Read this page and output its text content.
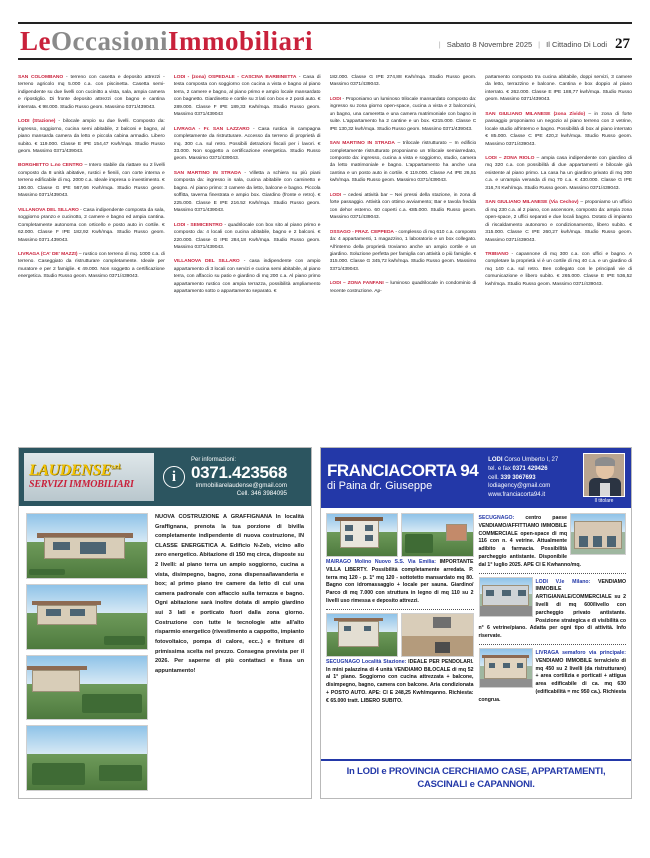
LeOccasioniImmobiliari	| Sabato 8 Novembre 2025 | Il Cittadino Di Lodi 27

SAN COLOMBANO - terreno con casetta e deposito attrezzi - terreno agricolo mq 5.000 c.a. con piscinetta. Casetta semi-indipendente su due livelli con cucinitto a vista, sala, ampia camera e ripostiglio. Di fronte deposito attrezzi con bagno e cantina interrata. € 98.000. Studio Russo geom. Massimo 0371/439043.

LODI (Stazione) - bilocale ampio su due livelli. Composto da: ingresso, soggiorno, cucina semi abitabile, 2 balconi e bagno, al piano mansarda camera da letto e piccola cabina armadio. Libero subito. € 119.000. Classe E IPE 154,47 Kwh/mqa. Studio Russo geom. Massimo 0371/439043.

BORGHETTO L.no CENTRO – Intero stabile da riattare su 2 livelli composto da 8 unità abitative, rustici e fienili, con corte interna e terreno edificabile di mq. 2000 c.a. Ideale impresa o investimento. € 190.00. Classe G IPE 567,66 Kwh/mqa. Studio Russo geom. Massimo 0371/439043.

VILLANOVA DEL SILLARO - Casa indipendente composta da sala, soggiorno pranzo e cucinotto, 2 camere e bagno ed ampia cantina. Completamente autonoma con orticello e posto auto in cortile. € 62.000. Classe F IPE 182,92 Kwh/mqa. Studio Russo geom. Massimo 0371.439043.

LIVRAGA (CA' DE' MAZZI) – rustico con terreno di mq. 1000 c.a. di terreno. Caseggiato da ristrutturare completamente. Ideale per muratore e per 2 famiglie. € 49.000. Non soggetto a certificazione energetica. Studio Russo geom. Massimo 0371/439043.

LODI - (zona) OSPEDALE - CASCINA BARBINETTA - Casa di testa composta con soggiorno con cucina a vista e bagno al piano terra, 2 camere e bagno, al piano primo e ampio locale mansardato con bagnetto. Giardinetto e cortile su 3 lati con box e 2 posti auto. € 289.000. Classe F IPE 189,33 Kwh/mqa. Studio Russo geom. Massimo 0371/439043

LIVRAGA - Fr. SAN LAZZARO - Casa rustica in campagna completamente da ristrutturare. Accesso da terreno di proprietà di mq. 300 c.a. sul retro. Possibili detrazioni fiscali per i lavori. € 33.000. Non soggetto a certificazione energetica. Studio Russo geom. Massimo 0371/439043.

SAN MARTINO IN STRADA - Villetta a schiera su più piani composta da: ingresso in sala, cucina abitabile con caminetto e bagno. Al piano primo: 3 camere da letto, balcone e bagno. Piccola soffitta, taverna finestrata e ampio box. Giardino (fronte e retro). € 225.000. Classe E IPE 216.52 Kwh/mqa. Studio Russo geom. Massimo 0371/439043.

LODI - SEMICENTRO - quadrilocale con box sito al piano primo e composto da: 4 locali con cucina abitabile, bagno e 2 balconi. € 220.000. Classe G IPE 284,18 Kwh/mqa. Studio Russo geom. Massimo 0371/439043.

VILLANOVA DEL SILLARO - casa indipendente con ampio appartamento di 3 locali con servizi e cucina semi abitabile, al piano terra, con affaccio su patio e giardino di mq 200 c.a. Al piano primo appartamento rustico con ampia terrazza, possibilità ampliamento appartamento sotto o appartamento separato. €

182.000. Classe G IPE 274,88 Kwh/mqa. Studio Russo geom. Massimo 0371/439043.

LODI - Proponiamo un luminoso trilocale mansardato composto da: ingresso su zona giorno open-space, cucina a vista e 2 balconcini, un bagno, una cameretta e una camera matrimoniale con bagno in suite. L'appartamento ha 2 cantine e un box. €215.000. Classe C IPE 130,32 kwh/mqa. Studio Russo geom. Massimo 0371/439043.

SAN MARTINO IN STRADA – trilocale ristrutturato – In edificio completamente ristrutturato proponiamo un trilocale semiarredato, composto da: ingresso, cucina a vista e soggiorno, studio, camera da letto matrimoniale e bagno. L'appartamento ha anche una cantina e un posto auto in cortile. € 119.000. Classe A4 IPE 26,51 kwh/mqa. Studio Russo geom. Massimo 0371/439043.

LODI – cedesi attività bar – Nei pressi della stazione, in zona di forte passaggio. Attività con ottimo avviamento; Bar e tavola fredda con dehor esterno. 60 coperti c.a. €85.000. Studio Russo geom. Massimo 0371/439043.

OSSAGO - FRAZ. CEPPEDA - complesso di mq 610 c.a. composto da: 4 appartamenti, 1 magazzino, 1 laboratorio e un box collegato. All'interno della proprietà troviamo anche un ampio cortile e un giardino. Soluzione perfetta per famiglia con attività o più famiglie. € 315.000. Classe G 345,72 kwh/mqa. Studio Russo geom. Massimo 0371/439043.

LODI – ZONA FANFANI – luminoso quadrilocale in condominio di recente costruzione. Ap-

partamento composto tra cucina abitabile, doppi servizi, 3 camere da letto, terrazzino e balcone. Cantina e box doppio al piano interrato. € 262.000. Classe E IPE 188,77 kwh/mqa. Studio Russo geom. Massimo 0371/439043.

SAN GIULIANO MILANESE (zona Zivido) – in zona di forte passaggio proponiamo un negozio al piano terreno con 2 vetrine, locale studio all'interno e bagno. Possibilità di box al piano interrato € 85.000. Classe C IPE 420,2 kwh/mqa. Studio Russo geom. Massimo 0371/439043.

LODI – ZONA RIOLO – ampia casa indipendente con giardino di mq 320 c.a. con possibilità di due appartamenti e bilocale già esistente al piano primo. La casa ha un giardino privato di mq 300 c.a. e un'ampia veranda di mq 70 c.a. € 430.000. Classe G IPE 316,74 Kwh/mqa. Studio Russo geom. Massimo 0371/439043.

SAN GIULIANO MILANESE (Via Cechov) – proponiamo un ufficio di mq 230 c.a. al 2 piano, con ascensore, composto da: ampia zona open-space, 2 uffici separati e due locali bagno. Dotato di impianto di riscaldamento autonomo e condizionamento, libero subito. € 315.000. Classe C IPE 260,27 kwh/mqa. Studio Russo geom. Massimo 0371/439043.

TRIBIANO - capannone di mq 300 c.a. con uffici e bagno. A completare la proprietà vi è un cortile di mq 40 c.a. e un giardino di mq 140 c.a. sul retro. Ben collegato con le principali vie di comunicazione e libero subito. € 265.000. Classe E IPE 536,52 kwh/mqa. Studio Russo geom. Massimo 0371/439043.

$LAUDENSE^{s.r.l.}$
SERVIZI IMMOBILIARI	i
Per informazioni:
0371.423568
immobiliarelaudense@gmail.com
Cell. 346 3984095
NUOVA COSTRUZIONE A GRAFFIGNANA In località Graffignana, prenota la tua porzione di bivilla completamente indipendente di nuova costruzione, IN CLASSE ENERGETICA A. Edificio N-Zeb, vicino allo zero energetico. Abitazione di 150 mq circa, disposte su 2 livelli: al piano terra un ampio soggiorno, cucina a vista, disimpegno, bagno, zona dispensa/lavanderia e box; al primo piano tre camere da letto di cui una camera padronale con affaccio sulla terrazza e bagno. Ogni abitazione sarà inoltre dotata di ampio giardino sui 3 lati e porticato fuori dalla zona giorno. Costruzione con tutte le tecnologie atte all'alto risparmio energetico (rivestimento a cappotto, impianto fotovoltaico, pompa di calore, ecc..) e finiture di primissima scelta nel prezzo. Consegna prevista per il 2026. Per saperne di più contattaci e fissa un appuntamento!
FRANCIACORTA 94
di Paina dr. Giuseppe
LODI Corso Umberto I, 27
tel. e fax 0371 429426
cell. 339 3067693
lodiagency@gmail.com
www.franciacorta94.it
Il titolare
MAIRAGO Molino Nuovo S.S. Via Emilia: IMPORTANTE VILLA LIBERTY. Possibilità completamente arredata. P. terra mq 120 - p. 1° mq 120 - sottotetto mansardato mq 80. Bagno con idromassaggio + locale per sauna. Giardino/ Parco di mq 7.000 con struttura in legno di mq 110 su 2 livelli uso rimessa e deposito attrezzi.
SECUGNAGO Località Stazione: IDEALE PER PENDOLARI. In mini palazzina di 4 unità VENDIAMO BILOCALE di mq 52 al 1° piano. Soggiorno con cucina attrezzata + balcone, disimpegno, bagno, camera con balcone. Aria condizionata + POSTO AUTO. APE: CI E 248,25 Kwh/mqanno. Richiesta: € 65.000 tratt. LIBERO SUBITO.
SECUGNAGO: centro paese VENDIAMO/AFFITTIAMO IMMOBILE COMMERCIALE open-space di mq 116 con n. 4 vetrine. Attualmente adibito a farmacia. Possibilità parcheggio antistante. Disponibile dal 1° luglio 2025. APE CI E Kwhanno/mq.
LODI V.le Milano: VENDIAMO IMMOBILE ARTIGIANALE/COMMERCIALE su 2 livelli di mq 600/livello con parcheggio privato antistante. Posizione strategica e di visibilità co n° 6 vetrine/piano. Adatta per ogni tipo di attività. Info riservate.
LIVRAGA semaforo via principale: VENDIAMO IMMOBILE terra/cielo di mq 450 su 2 livelli (da ristrutturare) + area cortilizia e porticati + attigua area edificabile di ca. mq 630 (edificabilità = mc 950 ca.). Richiesta congrua.
In LODI e PROVINCIA CERCHIAMO CASE, APPARTAMENTI,
CASCINALI e CAPANNONI.
